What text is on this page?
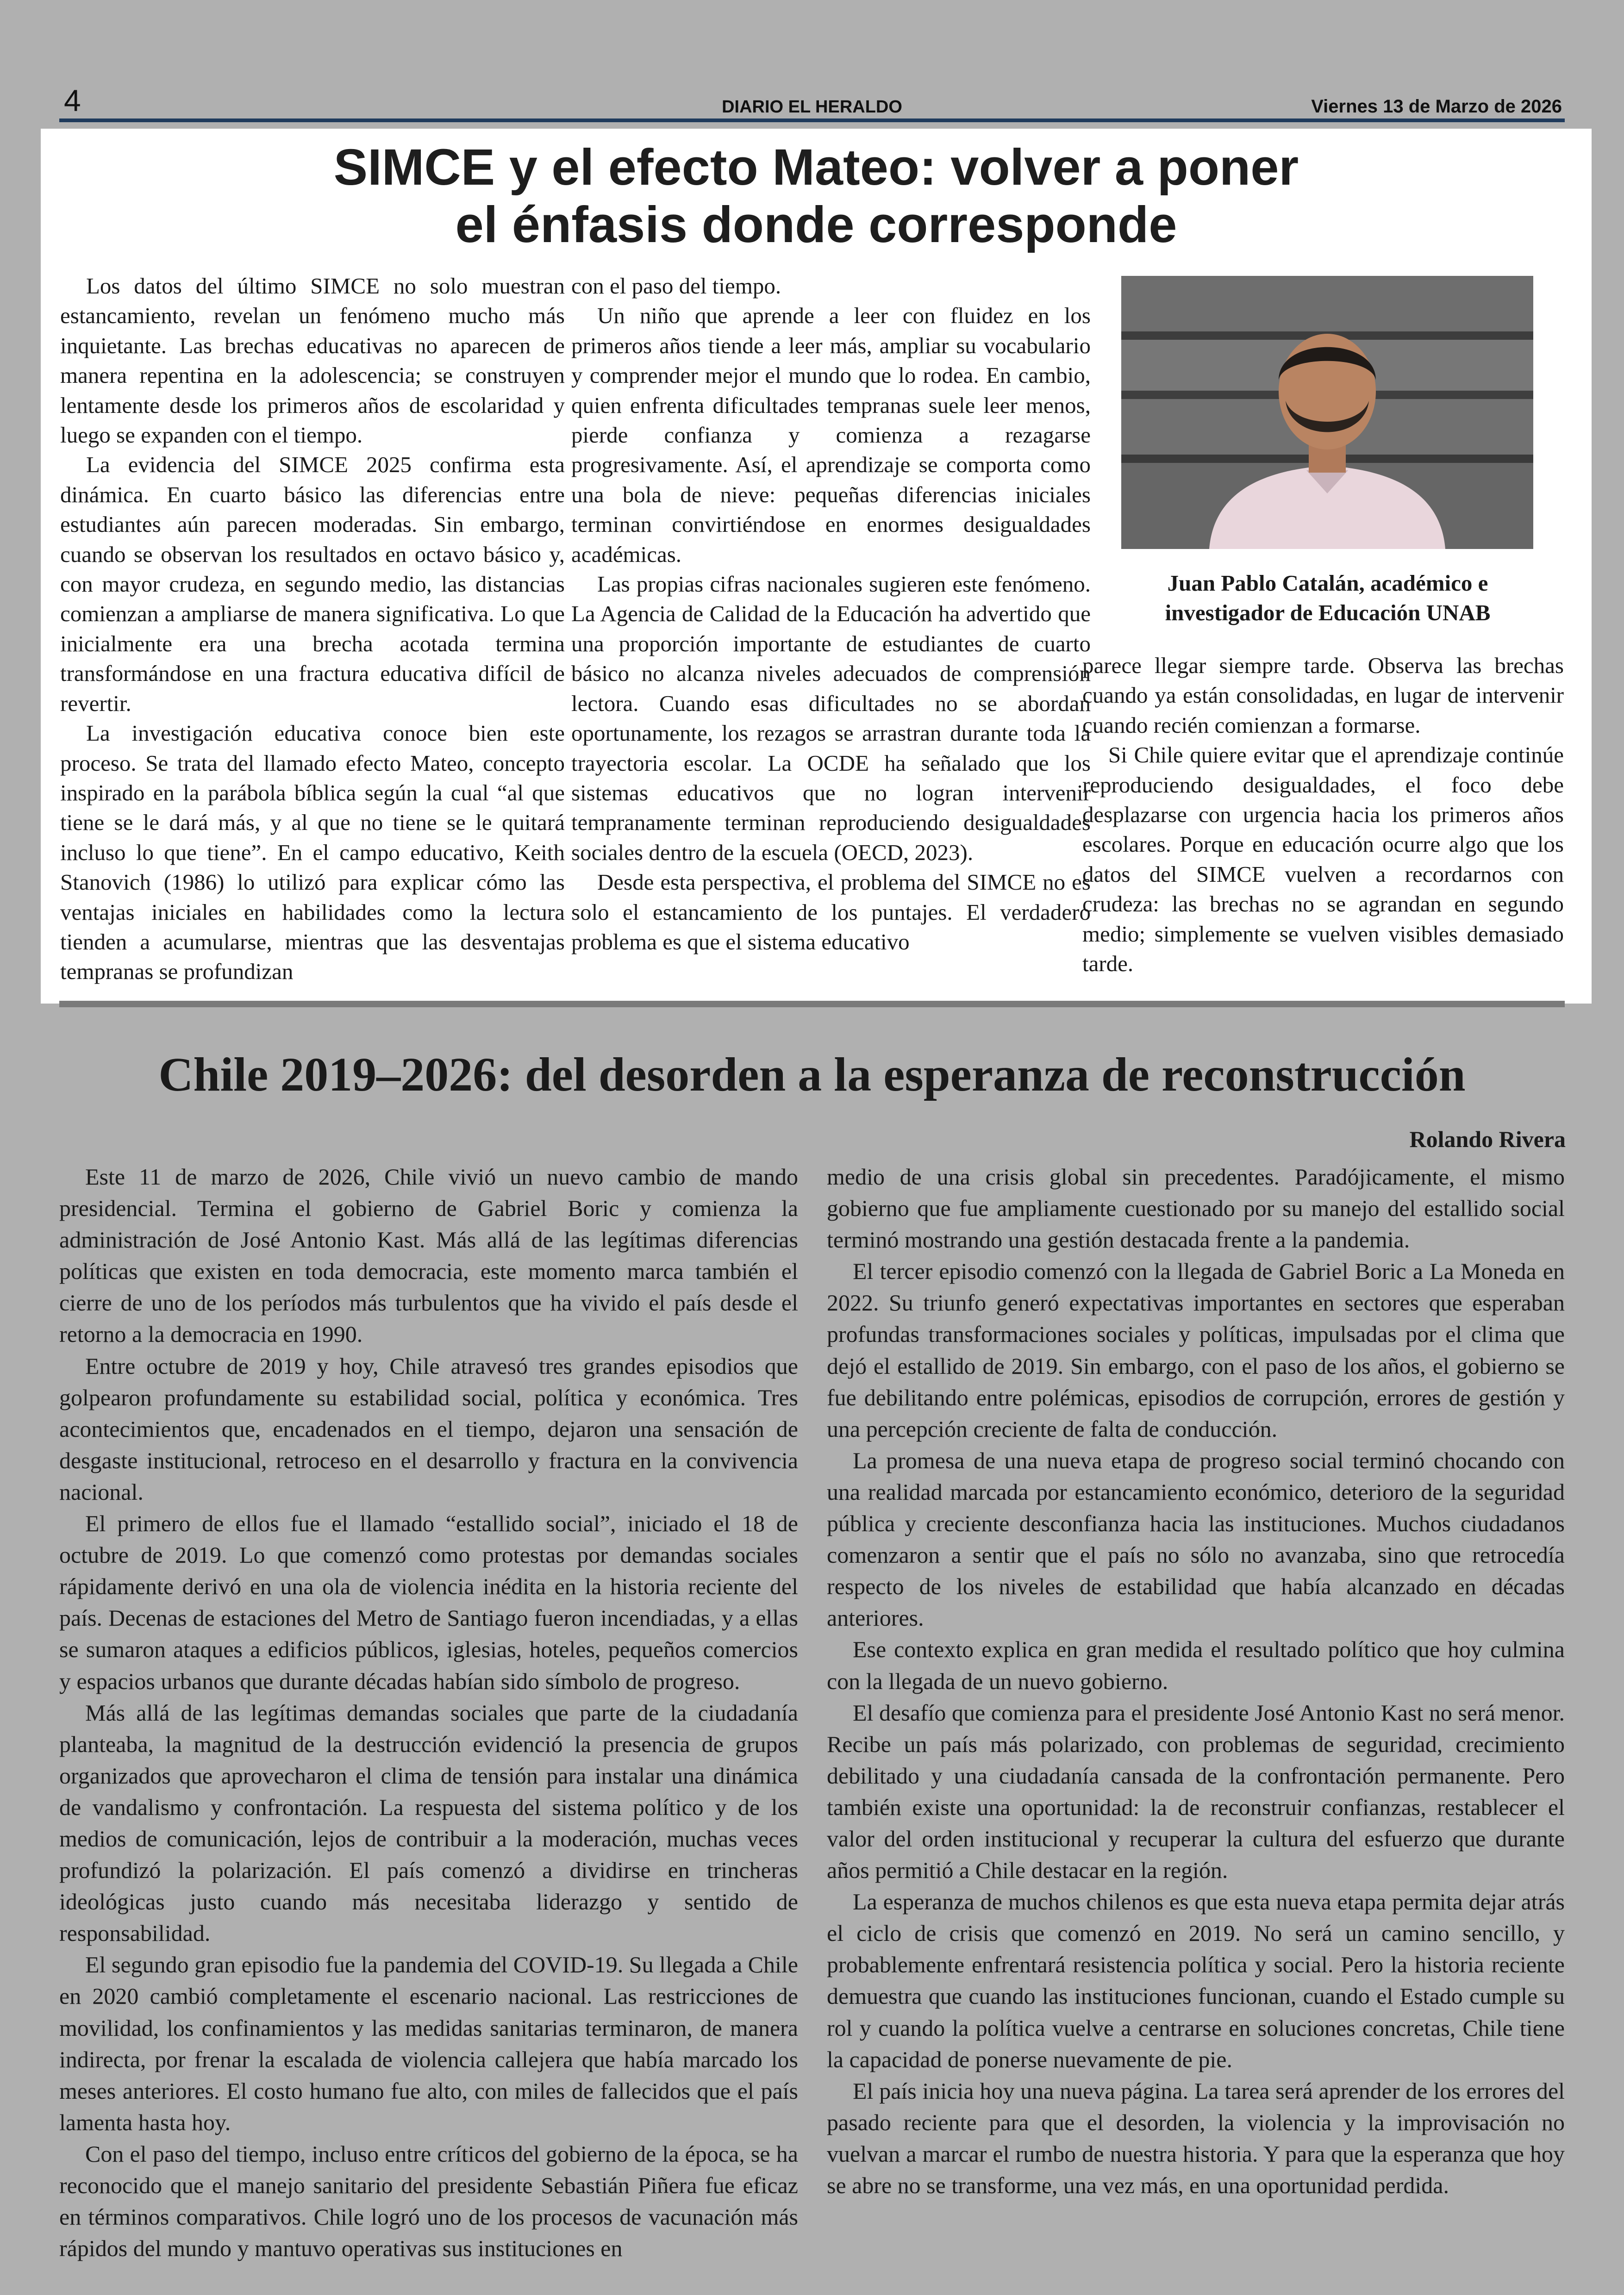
4	DIARIO EL HERALDO	Viernes 13 de Marzo de 2026
SIMCE y el efecto Mateo: volver a poner
el énfasis donde corresponde

Los datos del último SIMCE no solo muestran estancamiento, revelan un fenómeno mucho más inquietante. Las brechas educativas no aparecen de manera repentina en la adolescencia; se construyen lentamente desde los primeros años de escolaridad y luego se expanden con el tiempo.

La evidencia del SIMCE 2025 confirma esta dinámica. En cuarto básico las diferencias entre estudiantes aún parecen moderadas. Sin embargo, cuando se observan los resultados en octavo básico y, con mayor crudeza, en segundo medio, las distancias comienzan a ampliarse de manera significativa. Lo que inicialmente era una brecha acotada termina transformándose en una fractura educativa difícil de revertir.

La investigación educativa conoce bien este proceso. Se trata del llamado efecto Mateo, concepto inspirado en la parábola bíblica según la cual “al que tiene se le dará más, y al que no tiene se le quitará incluso lo que tiene”. En el campo educativo, Keith Stanovich (1986) lo utilizó para explicar cómo las ventajas iniciales en habilidades como la lectura tienden a acumularse, mientras que las desventajas tempranas se profundizan

con el paso del tiempo.

Un niño que aprende a leer con fluidez en los primeros años tiende a leer más, ampliar su vocabulario y comprender mejor el mundo que lo rodea. En cambio, quien enfrenta dificultades tempranas suele leer menos, pierde confianza y comienza a rezagarse progresivamente. Así, el aprendizaje se comporta como una bola de nieve: pequeñas diferencias iniciales terminan convirtiéndose en enormes desigualdades académicas.

Las propias cifras nacionales sugieren este fenómeno. La Agencia de Calidad de la Educación ha advertido que una proporción importante de estudiantes de cuarto básico no alcanza niveles adecuados de comprensión lectora. Cuando esas dificultades no se abordan oportunamente, los rezagos se arrastran durante toda la trayectoria escolar. La OCDE ha señalado que los sistemas educativos que no logran intervenir tempranamente terminan reproduciendo desigualdades sociales dentro de la escuela (OECD, 2023).

Desde esta perspectiva, el problema del SIMCE no es solo el estancamiento de los puntajes. El verdadero problema es que el sistema educativo

Juan Pablo Catalán, académico e
investigador de Educación UNAB

parece llegar siempre tarde. Observa las brechas cuando ya están consolidadas, en lugar de intervenir cuando recién comienzan a formarse.

Si Chile quiere evitar que el aprendizaje continúe reproduciendo desigualdades, el foco debe desplazarse con urgencia hacia los primeros años escolares. Porque en educación ocurre algo que los datos del SIMCE vuelven a recordarnos con crudeza: las brechas no se agrandan en segundo medio; simplemente se vuelven visibles demasiado tarde.

Chile 2019–2026: del desorden a la esperanza de reconstrucción
Rolando Rivera

Este 11 de marzo de 2026, Chile vivió un nuevo cambio de mando presidencial. Termina el gobierno de Gabriel Boric y comienza la administración de José Antonio Kast. Más allá de las legítimas diferencias políticas que existen en toda democracia, este momento marca también el cierre de uno de los períodos más turbulentos que ha vivido el país desde el retorno a la democracia en 1990.

Entre octubre de 2019 y hoy, Chile atravesó tres grandes episodios que golpearon profundamente su estabilidad social, política y económica. Tres acontecimientos que, encadenados en el tiempo, dejaron una sensación de desgaste institucional, retroceso en el desarrollo y fractura en la convivencia nacional.

El primero de ellos fue el llamado “estallido social”, iniciado el 18 de octubre de 2019. Lo que comenzó como protestas por demandas sociales rápidamente derivó en una ola de violencia inédita en la historia reciente del país. Decenas de estaciones del Metro de Santiago fueron incendiadas, y a ellas se sumaron ataques a edificios públicos, iglesias, hoteles, pequeños comercios y espacios urbanos que durante décadas habían sido símbolo de progreso.

Más allá de las legítimas demandas sociales que parte de la ciudadanía planteaba, la magnitud de la destrucción evidenció la presencia de grupos organizados que aprovecharon el clima de tensión para instalar una dinámica de vandalismo y confrontación. La respuesta del sistema político y de los medios de comunicación, lejos de contribuir a la moderación, muchas veces profundizó la polarización. El país comenzó a dividirse en trincheras ideológicas justo cuando más necesitaba liderazgo y sentido de responsabilidad.

El segundo gran episodio fue la pandemia del COVID-19. Su llegada a Chile en 2020 cambió completamente el escenario nacional. Las restricciones de movilidad, los confinamientos y las medidas sanitarias terminaron, de manera indirecta, por frenar la escalada de violencia callejera que había marcado los meses anteriores. El costo humano fue alto, con miles de fallecidos que el país lamenta hasta hoy.

Con el paso del tiempo, incluso entre críticos del gobierno de la época, se ha reconocido que el manejo sanitario del presidente Sebastián Piñera fue eficaz en términos comparativos. Chile logró uno de los procesos de vacunación más rápidos del mundo y mantuvo operativas sus instituciones en

medio de una crisis global sin precedentes. Paradójicamente, el mismo gobierno que fue ampliamente cuestionado por su manejo del estallido social terminó mostrando una gestión destacada frente a la pandemia.

El tercer episodio comenzó con la llegada de Gabriel Boric a La Moneda en 2022. Su triunfo generó expectativas importantes en sectores que esperaban profundas transformaciones sociales y políticas, impulsadas por el clima que dejó el estallido de 2019. Sin embargo, con el paso de los años, el gobierno se fue debilitando entre polémicas, episodios de corrupción, errores de gestión y una percepción creciente de falta de conducción.

La promesa de una nueva etapa de progreso social terminó chocando con una realidad marcada por estancamiento económico, deterioro de la seguridad pública y creciente desconfianza hacia las instituciones. Muchos ciudadanos comenzaron a sentir que el país no sólo no avanzaba, sino que retrocedía respecto de los niveles de estabilidad que había alcanzado en décadas anteriores.

Ese contexto explica en gran medida el resultado político que hoy culmina con la llegada de un nuevo gobierno.

El desafío que comienza para el presidente José Antonio Kast no será menor. Recibe un país más polarizado, con problemas de seguridad, crecimiento debilitado y una ciudadanía cansada de la confrontación permanente. Pero también existe una oportunidad: la de reconstruir confianzas, restablecer el valor del orden institucional y recuperar la cultura del esfuerzo que durante años permitió a Chile destacar en la región.

La esperanza de muchos chilenos es que esta nueva etapa permita dejar atrás el ciclo de crisis que comenzó en 2019. No será un camino sencillo, y probablemente enfrentará resistencia política y social. Pero la historia reciente demuestra que cuando las instituciones funcionan, cuando el Estado cumple su rol y cuando la política vuelve a centrarse en soluciones concretas, Chile tiene la capacidad de ponerse nuevamente de pie.

El país inicia hoy una nueva página. La tarea será aprender de los errores del pasado reciente para que el desorden, la violencia y la improvisación no vuelvan a marcar el rumbo de nuestra historia. Y para que la esperanza que hoy se abre no se transforme, una vez más, en una oportunidad perdida.
